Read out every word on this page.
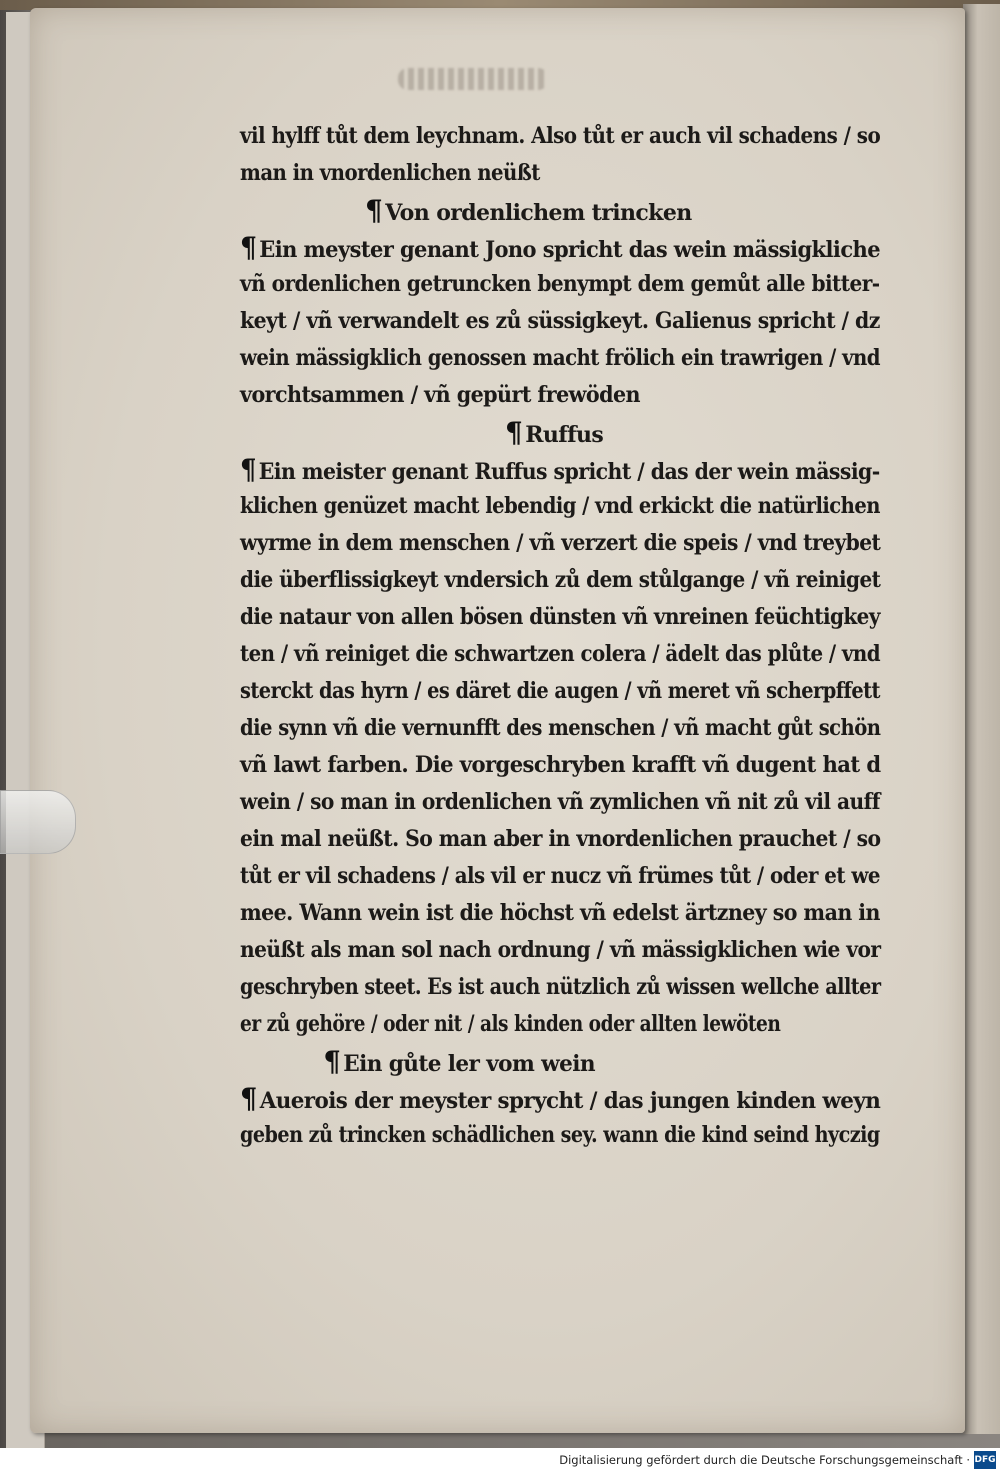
vil hylff tůt dem leychnam. Also tůt er auch vil schadens / so
man in vnordenlichen neüßt
¶ Von ordenlichem trincken
¶ Ein meyster genant Jono spricht das wein mässigkliche
vñ ordenlichen getruncken benympt dem gemůt alle bitter-
keyt / vñ verwandelt es zů süssigkeyt. Galienus spricht / dz
wein mässigklich genossen macht frölich ein trawrigen / vnd
vorchtsammen / vñ gepürt frewöden
¶ Ruffus
¶ Ein meister genant Ruffus spricht / das der wein mässig-
klichen genüzet macht lebendig / vnd erkickt die natürlichen
wyrme in dem menschen / vñ verzert die speis / vnd treybet
die überflissigkeyt vndersich zů dem stůlgange / vñ reiniget
die nataur von allen bösen dünsten vñ vnreinen feüchtigkey
ten / vñ reiniget die schwartzen colera / ädelt das plůte / vnd
sterckt das hyrn / es däret die augen / vñ meret vñ scherpffett
die synn vñ die vernunfft des menschen / vñ macht gůt schön
vñ lawt farben. Die vorgeschryben krafft vñ dugent hat d
wein / so man in ordenlichen vñ zymlichen vñ nit zů vil auff
ein mal neüßt. So man aber in vnordenlichen prauchet / so
tůt er vil schadens / als vil er nucz vñ frümes tůt / oder et we
mee. Wann wein ist die höchst vñ edelst ärtzney so man in
neüßt als man sol nach ordnung / vñ mässigklichen wie vor
geschryben steet. Es ist auch nützlich zů wissen wellche allter
er zů gehöre / oder nit / als kinden oder allten lewöten
¶ Ein gůte ler vom wein
¶ Auerois der meyster sprycht / das jungen kinden weyn
geben zů trincken schädlichen sey. wann die kind seind hyczig
Digitalisierung gefördert durch die Deutsche Forschungsgemeinschaft · DFG
